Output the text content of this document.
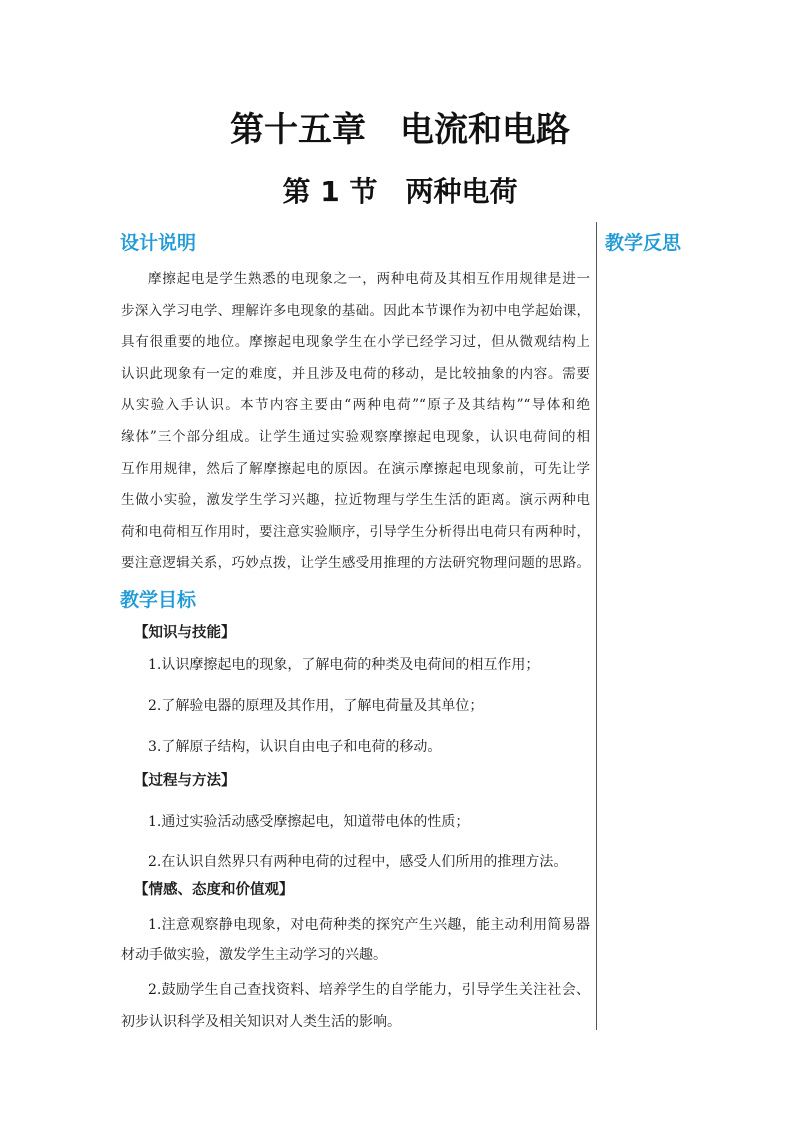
第十五章　电流和电路
第 1 节　两种电荷
教学反思
设计说明
摩擦起电是学生熟悉的电现象之一，两种电荷及其相互作用规律是进一
步深入学习电学、理解许多电现象的基础。因此本节课作为初中电学起始课，
具有很重要的地位。摩擦起电现象学生在小学已经学习过，但从微观结构上
认识此现象有一定的难度，并且涉及电荷的移动，是比较抽象的内容。需要
从实验入手认识。本节内容主要由“两种电荷”“原子及其结构”“导体和绝
缘体”三个部分组成。让学生通过实验观察摩擦起电现象，认识电荷间的相
互作用规律，然后了解摩擦起电的原因。在演示摩擦起电现象前，可先让学
生做小实验，激发学生学习兴趣，拉近物理与学生生活的距离。演示两种电
荷和电荷相互作用时，要注意实验顺序，引导学生分析得出电荷只有两种时，
要注意逻辑关系，巧妙点拨，让学生感受用推理的方法研究物理问题的思路。
教学目标
【知识与技能】
1.认识摩擦起电的现象，了解电荷的种类及电荷间的相互作用；
2.了解验电器的原理及其作用，了解电荷量及其单位；
3.了解原子结构，认识自由电子和电荷的移动。
【过程与方法】
1.通过实验活动感受摩擦起电，知道带电体的性质；
2.在认识自然界只有两种电荷的过程中，感受人们所用的推理方法。
【情感、态度和价值观】
1.注意观察静电现象，对电荷种类的探究产生兴趣，能主动利用简易器
材动手做实验，激发学生主动学习的兴趣。
2.鼓励学生自己查找资料、培养学生的自学能力，引导学生关注社会、
初步认识科学及相关知识对人类生活的影响。
